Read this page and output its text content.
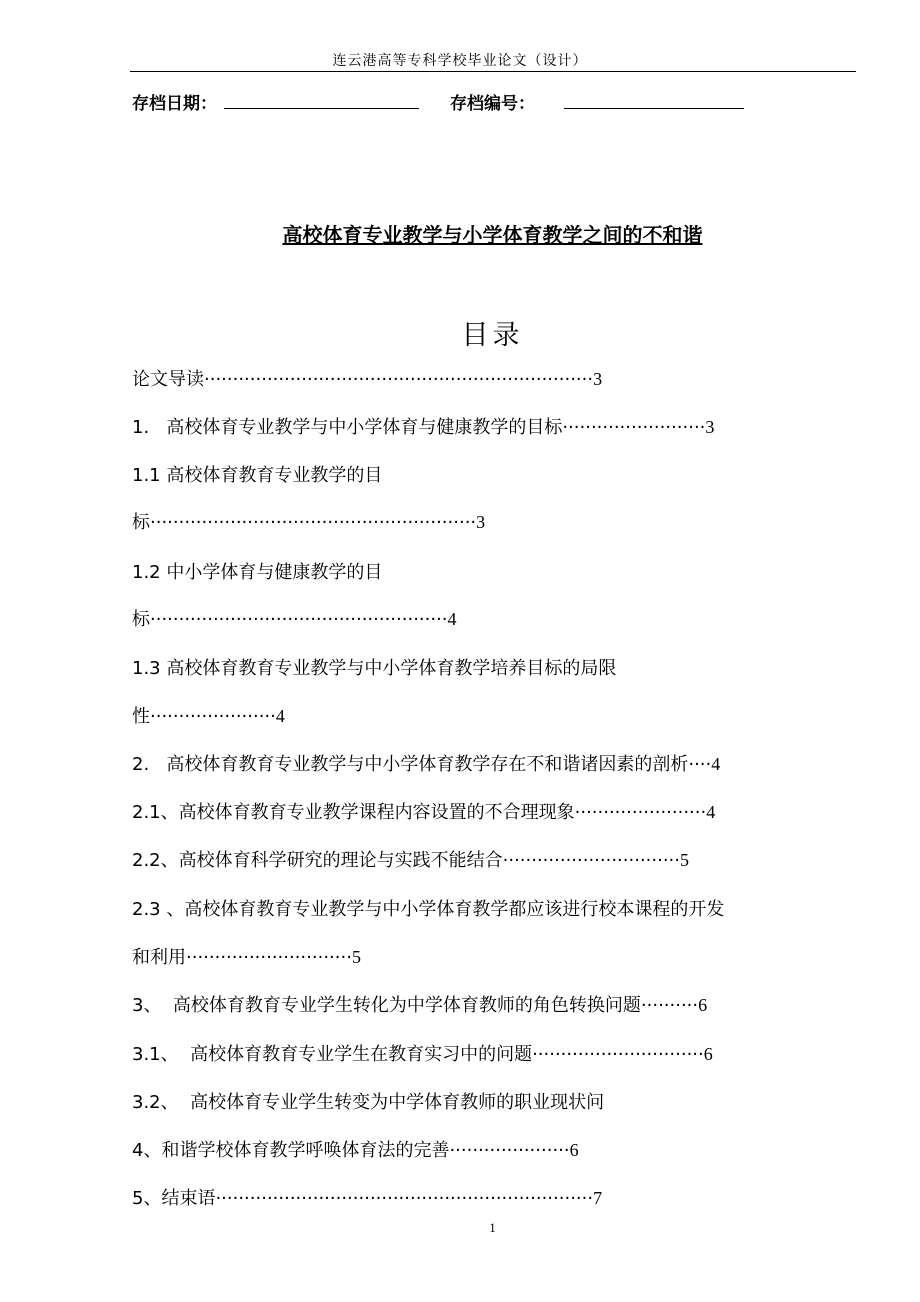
连云港高等专科学校毕业论文（设计）
存档日期：	存档编号：
高校体育专业教学与小学体育教学之间的不和谐
目录
论文导读····································································3
1.   高校体育专业教学与中小学体育与健康教学的目标·························3
1.1 高校体育教育专业教学的目
标·························································3
1.2 中小学体育与健康教学的目
标····················································4
1.3 高校体育教育专业教学与中小学体育教学培养目标的局限
性······················4
2.   高校体育教育专业教学与中小学体育教学存在不和谐诸因素的剖析····4
2.1、高校体育教育专业教学课程内容设置的不合理现象·······················4
2.2、高校体育科学研究的理论与实践不能结合·······························5
2.3 、高校体育教育专业教学与中小学体育教学都应该进行校本课程的开发
和利用·····························5
3、  高校体育教育专业学生转化为中学体育教师的角色转换问题··········6
3.1、  高校体育教育专业学生在教育实习中的问题······························6
3.2、  高校体育专业学生转变为中学体育教师的职业现状问
4、和谐学校体育教学呼唤体育法的完善·····················6
5、结束语··································································7
1
